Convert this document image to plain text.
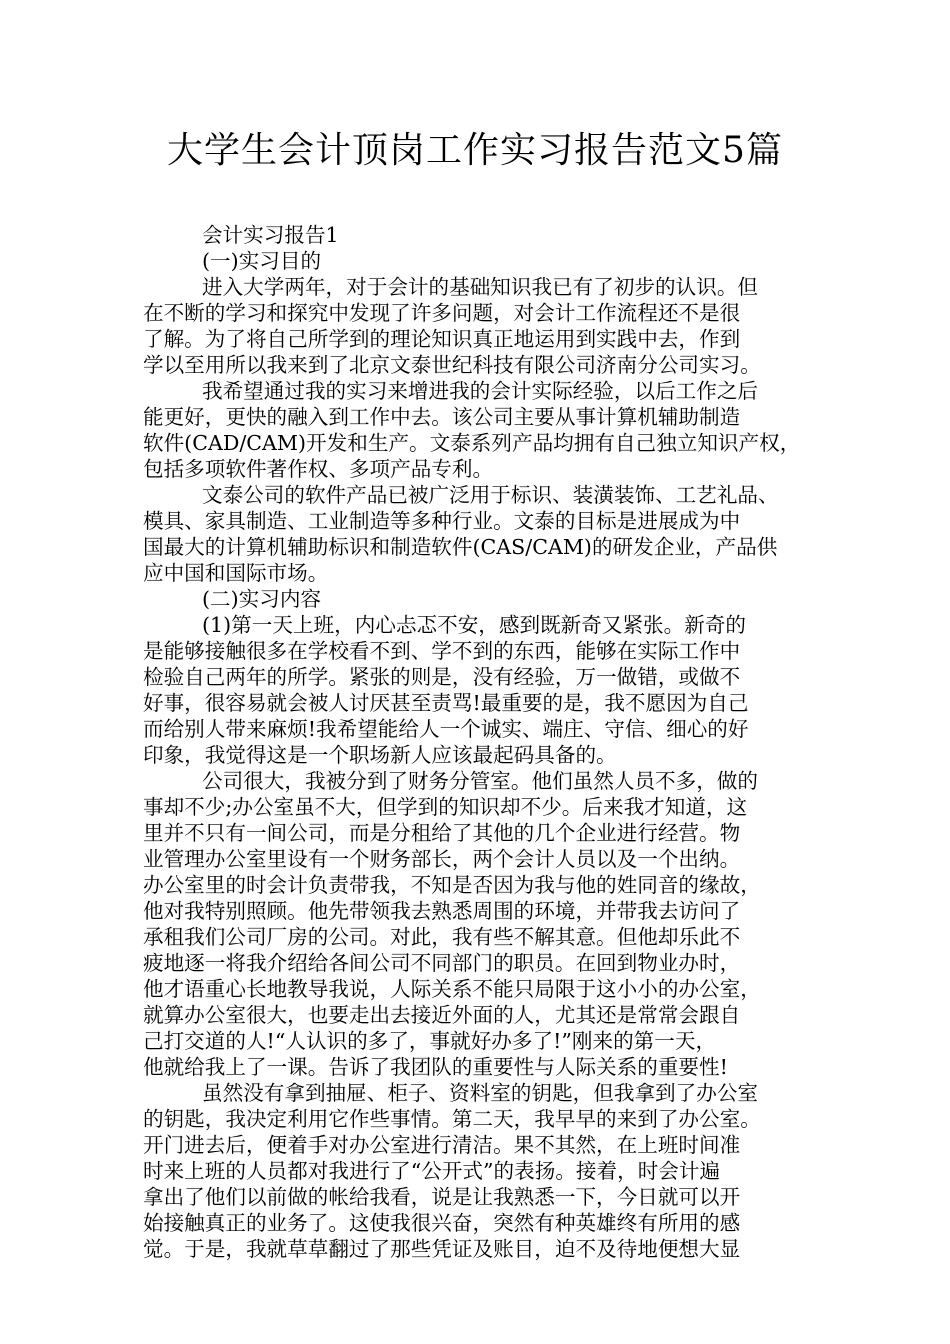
大学生会计顶岗工作实习报告范文5篇
会计实习报告1
(一)实习目的
进入大学两年，对于会计的基础知识我已有了初步的认识。但
在不断的学习和探究中发现了许多问题，对会计工作流程还不是很
了解。为了将自己所学到的理论知识真正地运用到实践中去，作到
学以至用所以我来到了北京文泰世纪科技有限公司济南分公司实习。
我希望通过我的实习来增进我的会计实际经验，以后工作之后
能更好，更快的融入到工作中去。该公司主要从事计算机辅助制造
软件(CAD/CAM)开发和生产。文泰系列产品均拥有自己独立知识产权，
包括多项软件著作权、多项产品专利。
文泰公司的软件产品已被广泛用于标识、装潢装饰、工艺礼品、
模具、家具制造、工业制造等多种行业。文泰的目标是进展成为中
国最大的计算机辅助标识和制造软件(CAS/CAM)的研发企业，产品供
应中国和国际市场。
(二)实习内容
(1)第一天上班，内心忐忑不安，感到既新奇又紧张。新奇的
是能够接触很多在学校看不到、学不到的东西，能够在实际工作中
检验自己两年的所学。紧张的则是，没有经验，万一做错，或做不
好事，很容易就会被人讨厌甚至责骂!最重要的是，我不愿因为自己
而给别人带来麻烦!我希望能给人一个诚实、端庄、守信、细心的好
印象，我觉得这是一个职场新人应该最起码具备的。
公司很大，我被分到了财务分管室。他们虽然人员不多，做的
事却不少;办公室虽不大，但学到的知识却不少。后来我才知道，这
里并不只有一间公司，而是分租给了其他的几个企业进行经营。物
业管理办公室里设有一个财务部长，两个会计人员以及一个出纳。
办公室里的时会计负责带我，不知是否因为我与他的姓同音的缘故，
他对我特别照顾。他先带领我去熟悉周围的环境，并带我去访问了
承租我们公司厂房的公司。对此，我有些不解其意。但他却乐此不
疲地逐一将我介绍给各间公司不同部门的职员。在回到物业办时，
他才语重心长地教导我说，人际关系不能只局限于这小小的办公室，
就算办公室很大，也要走出去接近外面的人，尤其还是常常会跟自
己打交道的人!“人认识的多了，事就好办多了!”刚来的第一天，
他就给我上了一课。告诉了我团队的重要性与人际关系的重要性!
虽然没有拿到抽屉、柜子、资料室的钥匙，但我拿到了办公室
的钥匙，我决定利用它作些事情。第二天，我早早的来到了办公室。
开门进去后，便着手对办公室进行清洁。果不其然，在上班时间准
时来上班的人员都对我进行了“公开式”的表扬。接着，时会计遍
拿出了他们以前做的帐给我看，说是让我熟悉一下，今日就可以开
始接触真正的业务了。这使我很兴奋，突然有种英雄终有所用的感
觉。于是，我就草草翻过了那些凭证及账目，迫不及待地便想大显
